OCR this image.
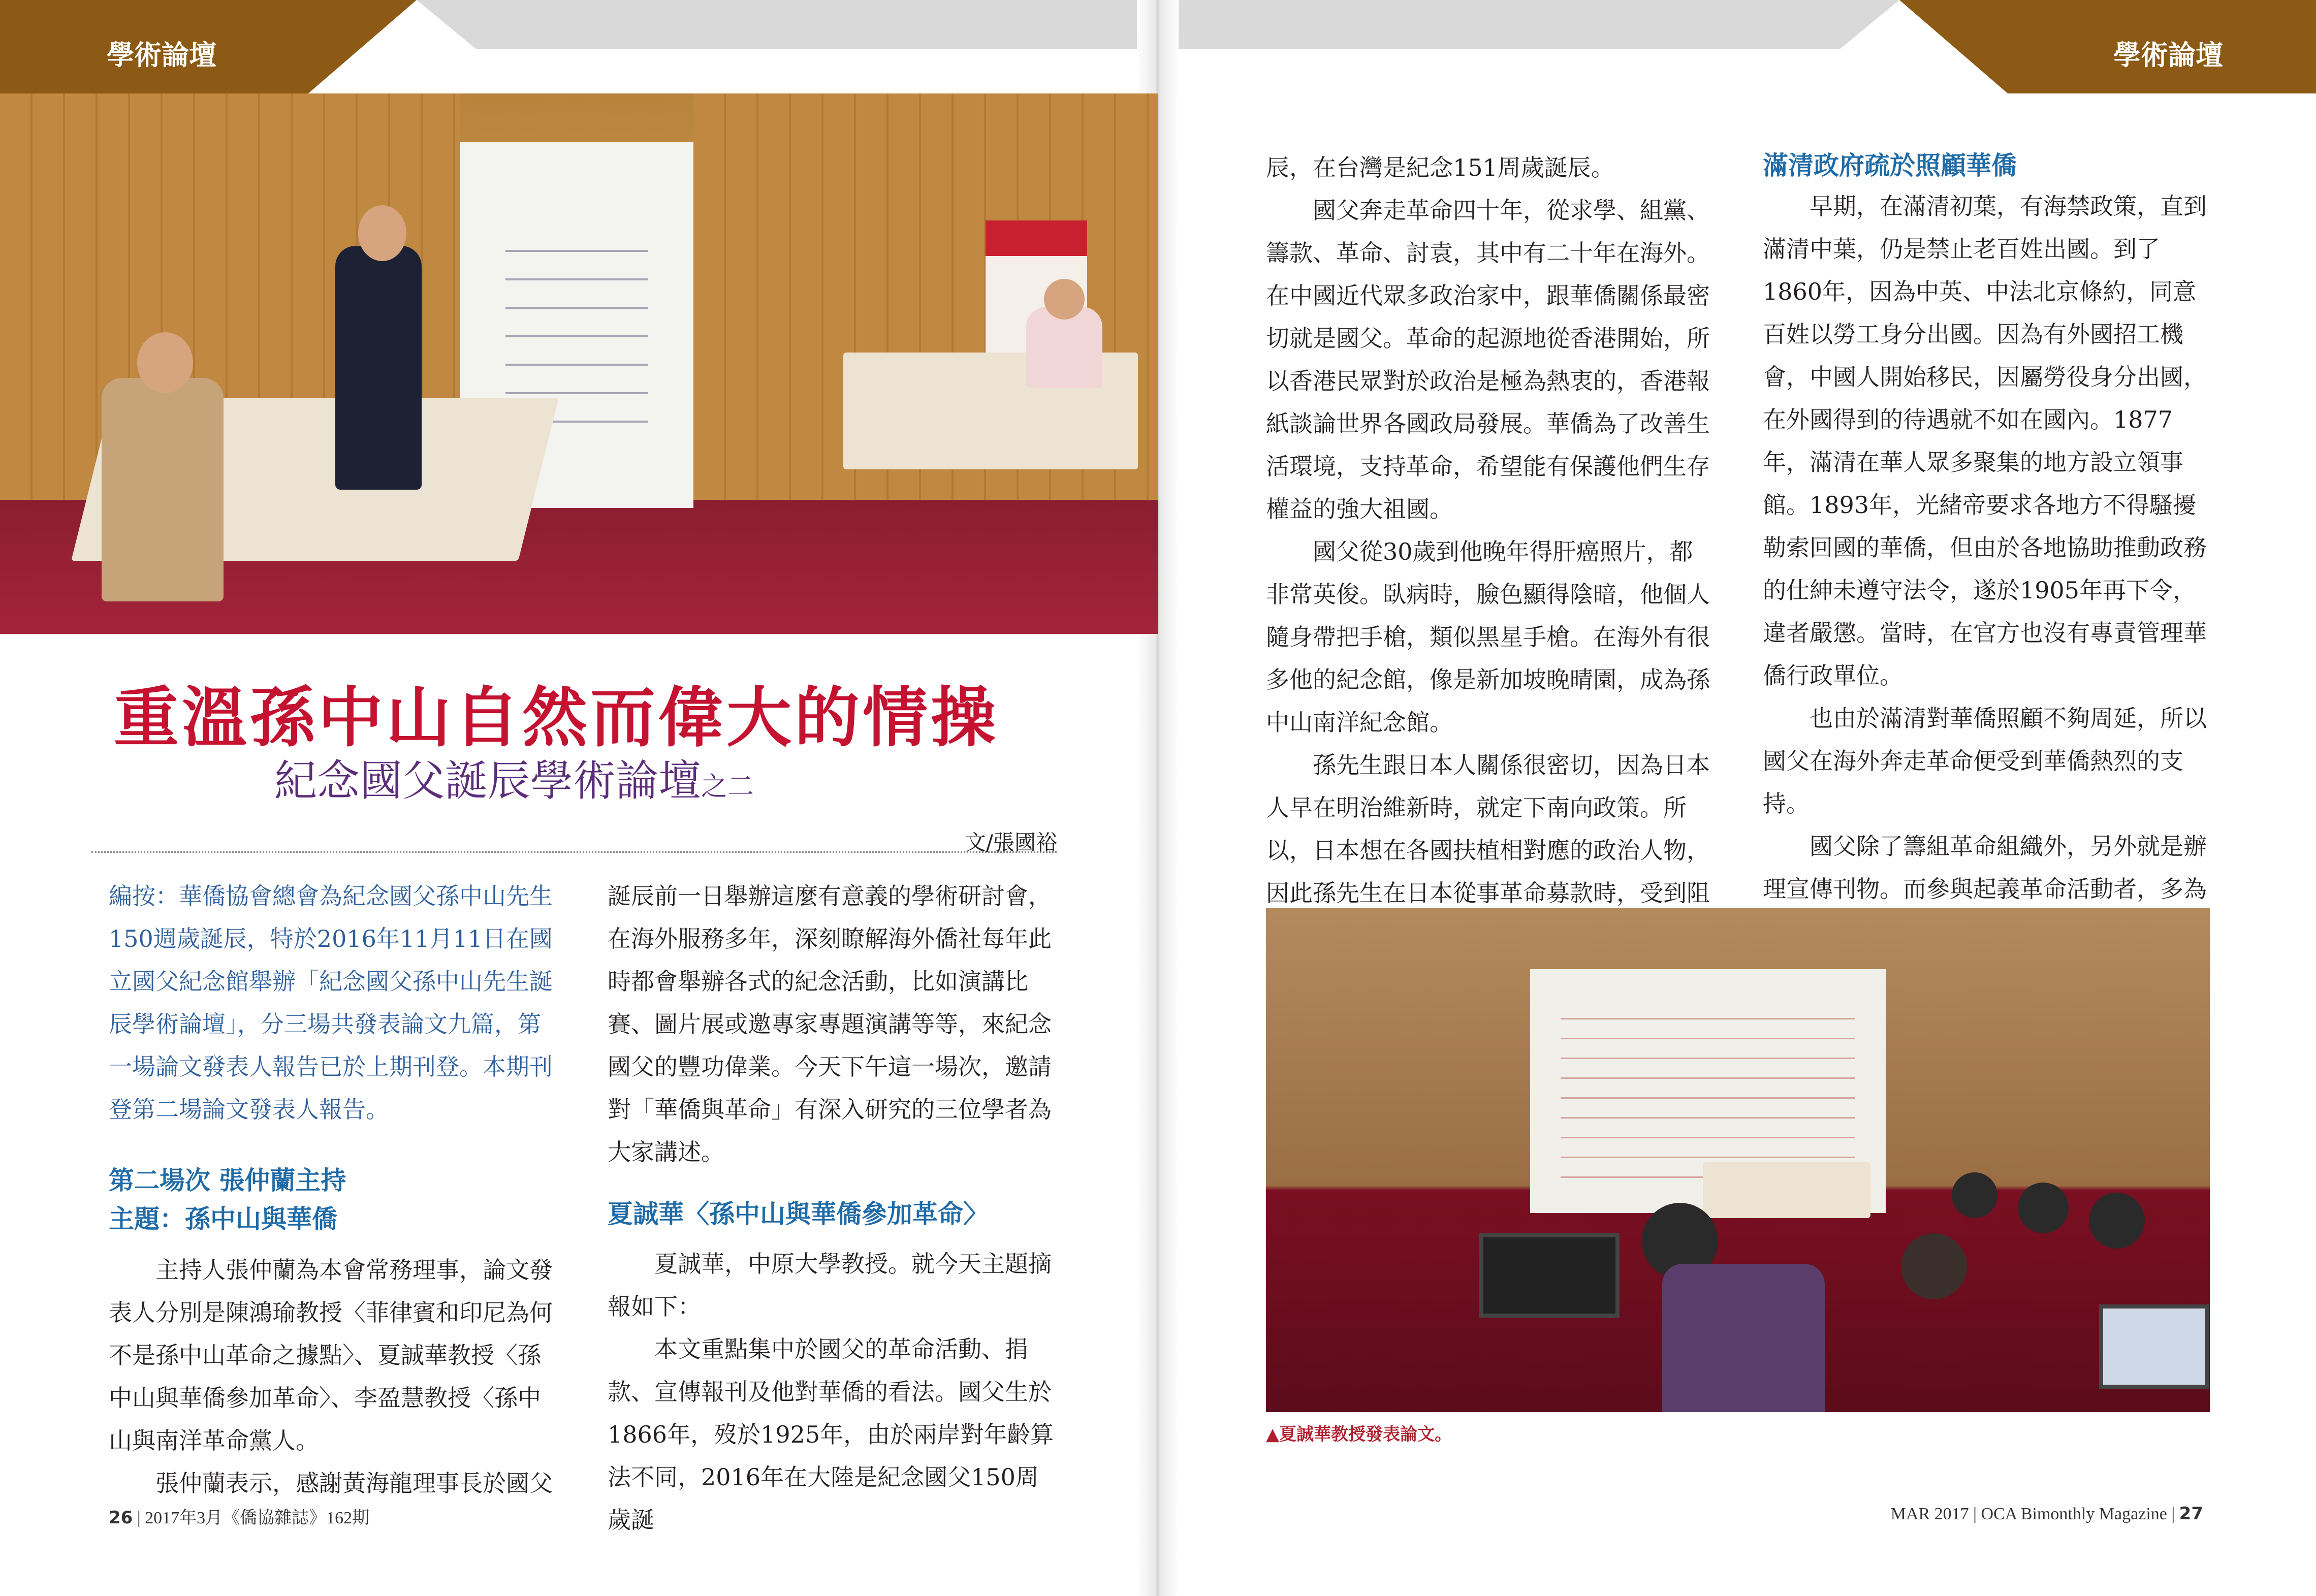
學術論壇	學術論壇

重溫孫中山自然而偉大的情操
紀念國父誕辰學術論壇之二
文/張國裕

編按：華僑協會總會為紀念國父孫中山先生150週歲誕辰，特於2016年11月11日在國立國父紀念館舉辦「紀念國父孫中山先生誕辰學術論壇」，分三場共發表論文九篇，第一場論文發表人報告已於上期刊登。本期刊登第二場論文發表人報告。

第二場次 張仲蘭主持
主題：孫中山與華僑

主持人張仲蘭為本會常務理事，論文發表人分別是陳鴻瑜教授〈菲律賓和印尼為何不是孫中山革命之據點〉、夏誠華教授〈孫中山與華僑參加革命〉、李盈慧教授〈孫中山與南洋革命黨人。

張仲蘭表示，感謝黃海龍理事長於國父

誕辰前一日舉辦這麼有意義的學術研討會，在海外服務多年，深刻瞭解海外僑社每年此時都會舉辦各式的紀念活動，比如演講比賽、圖片展或邀專家專題演講等等，來紀念國父的豐功偉業。今天下午這一場次，邀請對「華僑與革命」有深入研究的三位學者為大家講述。

夏誠華〈孫中山與華僑參加革命〉

夏誠華，中原大學教授。就今天主題摘報如下：

本文重點集中於國父的革命活動、捐款、宣傳報刊及他對華僑的看法。國父生於1866年，歿於1925年，由於兩岸對年齡算法不同，2016年在大陸是紀念國父150周歲誕

辰，在台灣是紀念151周歲誕辰。

國父奔走革命四十年，從求學、組黨、籌款、革命、討袁，其中有二十年在海外。在中國近代眾多政治家中，跟華僑關係最密切就是國父。革命的起源地從香港開始，所以香港民眾對於政治是極為熱衷的，香港報紙談論世界各國政局發展。華僑為了改善生活環境，支持革命，希望能有保護他們生存權益的強大祖國。

國父從30歲到他晚年得肝癌照片，都非常英俊。臥病時，臉色顯得陰暗，他個人隨身帶把手槍，類似黑星手槍。在海外有很多他的紀念館，像是新加坡晚晴園，成為孫中山南洋紀念館。

孫先生跟日本人關係很密切，因為日本人早在明治維新時，就定下南向政策。所以，日本想在各國扶植相對應的政治人物，因此孫先生在日本從事革命募款時，受到阻

滿清政府疏於照顧華僑

早期，在滿清初葉，有海禁政策，直到滿清中葉，仍是禁止老百姓出國。到了1860年，因為中英、中法北京條約，同意百姓以勞工身分出國。因為有外國招工機會，中國人開始移民，因屬勞役身分出國，在外國得到的待遇就不如在國內。1877年，滿清在華人眾多聚集的地方設立領事館。1893年，光緒帝要求各地方不得騷擾勒索回國的華僑，但由於各地協助推動政務的仕紳未遵守法令，遂於1905年再下令，違者嚴懲。當時，在官方也沒有專責管理華僑行政單位。

也由於滿清對華僑照顧不夠周延，所以國父在海外奔走革命便受到華僑熱烈的支持。

國父除了籌組革命組織外，另外就是辦理宣傳刊物。而參與起義革命活動者，多為

▲夏誠華教授發表論文。
26 | 2017年3月《僑協雜誌》162期	MAR 2017 | OCA Bimonthly Magazine | 27
